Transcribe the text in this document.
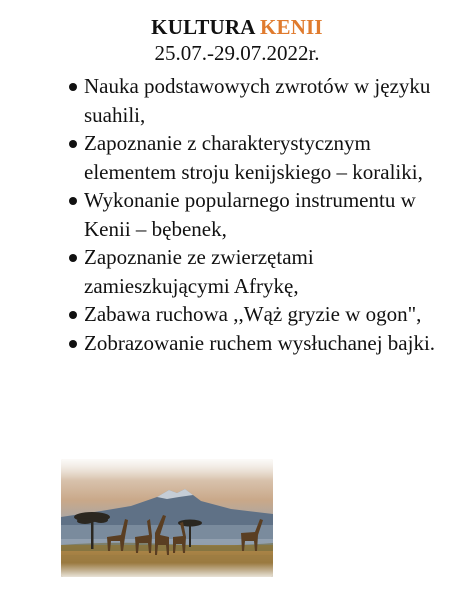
KULTURA KENII
25.07.-29.07.2022r.
Nauka podstawowych zwrotów w języku suahili,
Zapoznanie z charakterystycznym elementem stroju kenijskiego – koraliki,
Wykonanie popularnego instrumentu w Kenii – bębenek,
Zapoznanie ze zwierzętami zamieszkującymi Afrykę,
Zabawa ruchowa ,,Wąż gryzie w ogon",
Zobrazowanie ruchem wysłuchanej bajki.
